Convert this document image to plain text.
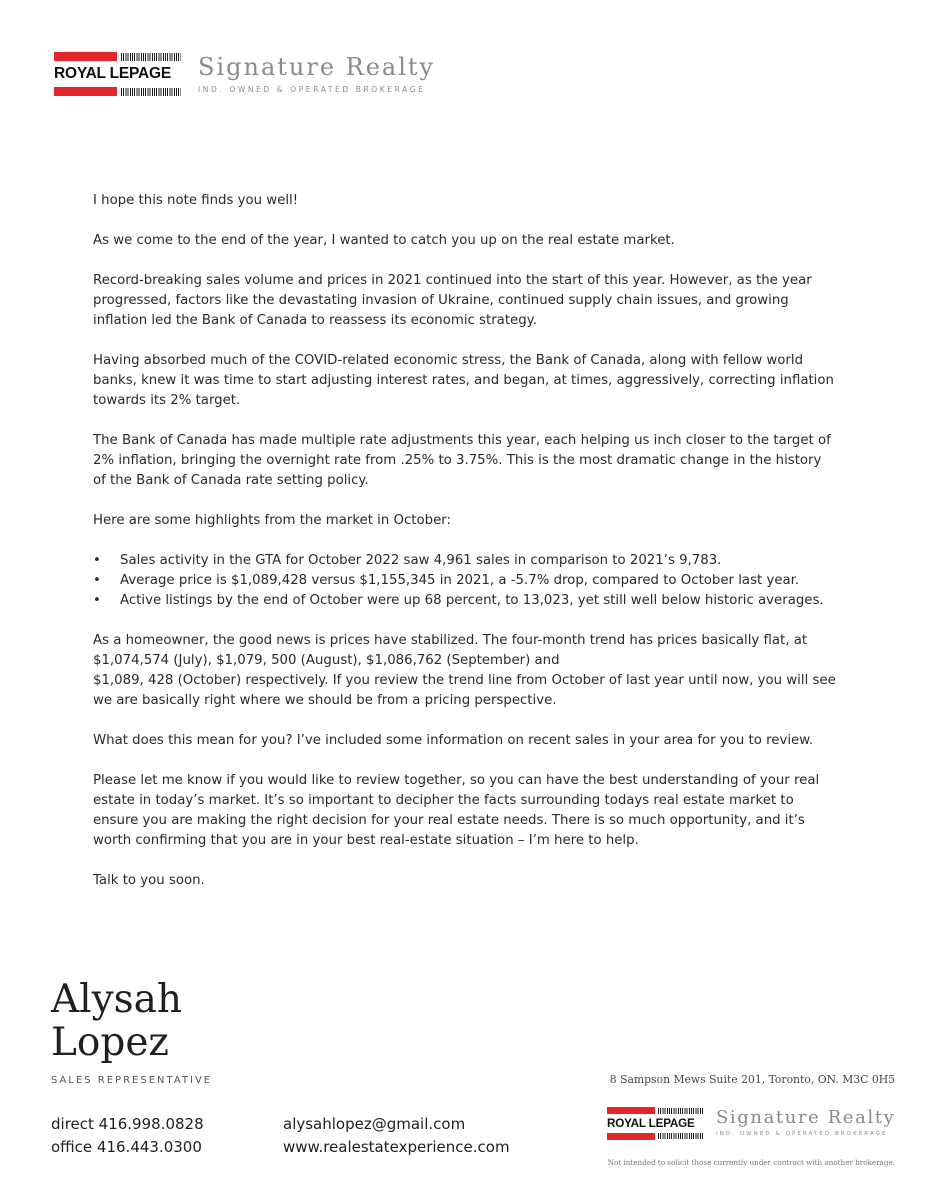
ROYAL LEPAGE	Signature Realty
IND. OWNED & OPERATED BROKERAGE

I hope this note finds you well!

As we come to the end of the year, I wanted to catch you up on the real estate market.

Record-breaking sales volume and prices in 2021 continued into the start of this year. However, as the year progressed, factors like the devastating invasion of Ukraine, continued supply chain issues, and growing inflation led the Bank of Canada to reassess its economic strategy.

Having absorbed much of the COVID-related economic stress, the Bank of Canada, along with fellow world banks, knew it was time to start adjusting interest rates, and began, at times, aggressively, correcting inflation towards its 2% target.

The Bank of Canada has made multiple rate adjustments this year, each helping us inch closer to the target of 2% inflation, bringing the overnight rate from .25% to 3.75%. This is the most dramatic change in the history of the Bank of Canada rate setting policy.

Here are some highlights from the market in October:

• Sales activity in the GTA for October 2022 saw 4,961 sales in comparison to 2021’s 9,783.
• Average price is $1,089,428 versus $1,155,345 in 2021, a -5.7% drop, compared to October last year.
• Active listings by the end of October were up 68 percent, to 13,023, yet still well below historic averages.

As a homeowner, the good news is prices have stabilized. The four-month trend has prices basically flat, at $1,074,574 (July), $1,079, 500 (August), $1,086,762 (September) and
$1,089, 428 (October) respectively. If you review the trend line from October of last year until now, you will see we are basically right where we should be from a pricing perspective.

What does this mean for you? I’ve included some information on recent sales in your area for you to review.

Please let me know if you would like to review together, so you can have the best understanding of your real estate in today’s market. It’s so important to decipher the facts surrounding todays real estate market to ensure you are making the right decision for your real estate needs. There is so much opportunity, and it’s worth confirming that you are in your best real-estate situation – I’m here to help.

Talk to you soon.

Alysah
Lopez
SALES REPRESENTATIVE
direct 416.998.0828
office 416.443.0300
alysahlopez@gmail.com
www.realestatexperience.com
8 Sampson Mews Suite 201, Toronto, ON. M3C 0H5
ROYAL LEPAGE	Signature Realty
IND. OWNED & OPERATED BROKERAGE
Not intended to solicit those currently under contract with another brokerage.
